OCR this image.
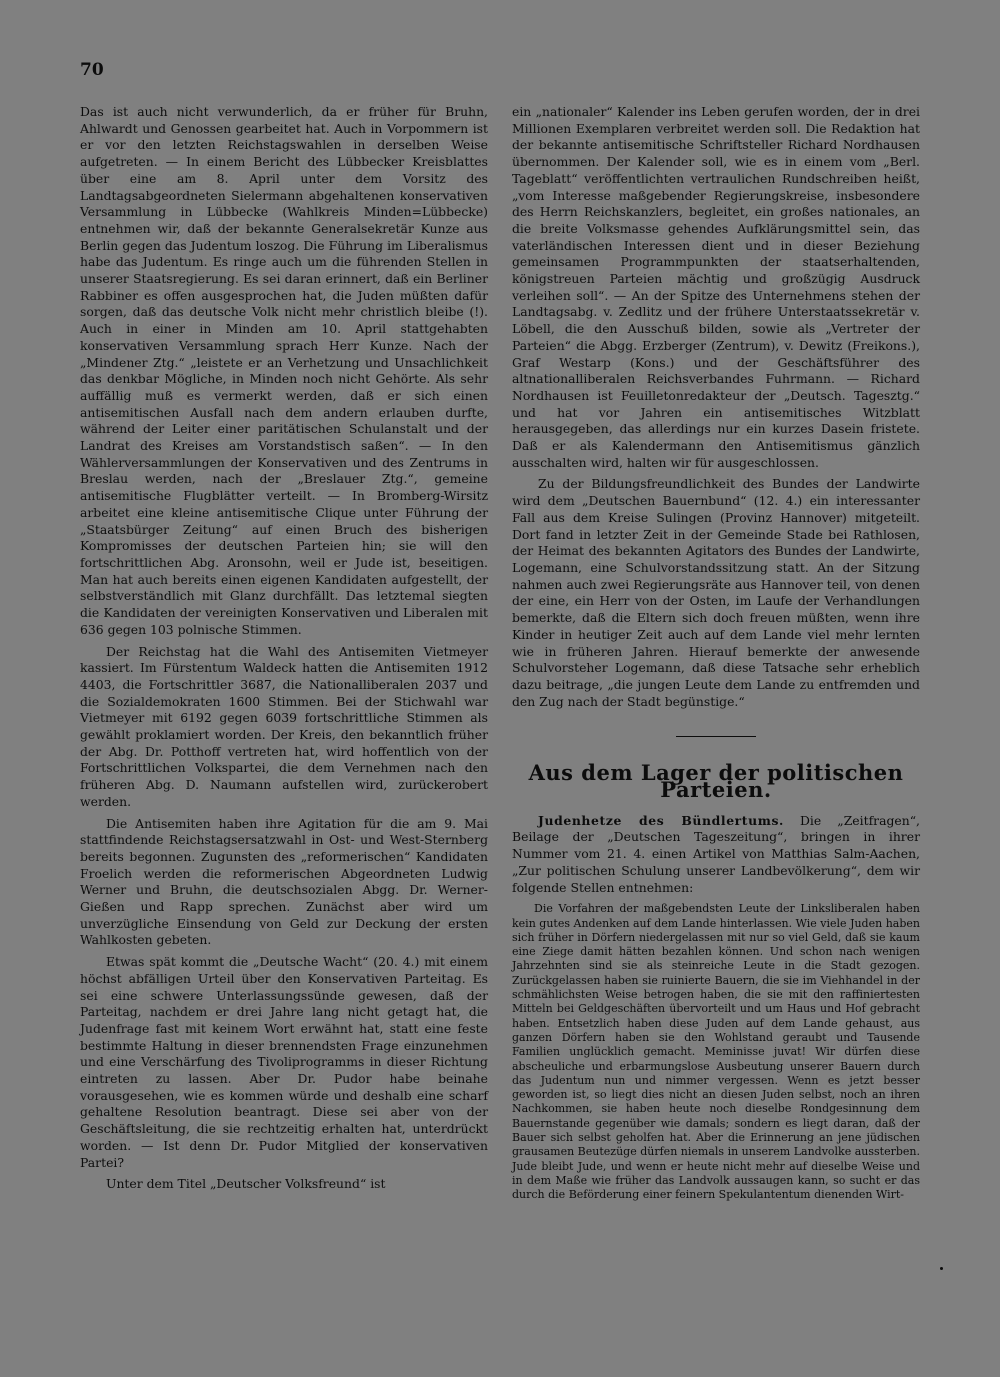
70

Das ist auch nicht verwunderlich, da er früher für Bruhn, Ahlwardt und Genossen gearbeitet hat. Auch in Vorpommern ist er vor den letzten Reichstagswahlen in derselben Weise aufgetreten. — In einem Bericht des Lübbecker Kreisblattes über eine am 8. April unter dem Vorsitz des Landtagsabgeordneten Sielermann abgehaltenen konservativen Versammlung in Lübbecke (Wahlkreis Minden=Lübbecke) entnehmen wir, daß der bekannte Generalsekretär Kunze aus Berlin gegen das Judentum loszog. Die Führung im Liberalismus habe das Judentum. Es ringe auch um die führenden Stellen in unserer Staatsregierung. Es sei daran erinnert, daß ein Berliner Rabbiner es offen ausgesprochen hat, die Juden müßten dafür sorgen, daß das deutsche Volk nicht mehr christlich bleibe (!). Auch in einer in Minden am 10. April stattgehabten konservativen Versammlung sprach Herr Kunze. Nach der „Mindener Ztg.“ „leistete er an Verhetzung und Unsachlichkeit das denkbar Mögliche, in Minden noch nicht Gehörte. Als sehr auffällig muß es vermerkt werden, daß er sich einen antisemitischen Ausfall nach dem andern erlauben durfte, während der Leiter einer paritätischen Schulanstalt und der Landrat des Kreises am Vorstandstisch saßen“. — In den Wählerversammlungen der Konservativen und des Zentrums in Breslau werden, nach der „Breslauer Ztg.“, gemeine antisemitische Flugblätter verteilt. — In Bromberg-Wirsitz arbeitet eine kleine antisemitische Clique unter Führung der „Staatsbürger Zeitung“ auf einen Bruch des bisherigen Kompromisses der deutschen Parteien hin; sie will den fortschrittlichen Abg. Aronsohn, weil er Jude ist, beseitigen. Man hat auch bereits einen eigenen Kandidaten aufgestellt, der selbstverständlich mit Glanz durchfällt. Das letztemal siegten die Kandidaten der vereinigten Konservativen und Liberalen mit 636 gegen 103 polnische Stimmen.

Der Reichstag hat die Wahl des Antisemiten Vietmeyer kassiert. Im Fürstentum Waldeck hatten die Antisemiten 1912 4403, die Fortschrittler 3687, die Nationalliberalen 2037 und die Sozialdemokraten 1600 Stimmen. Bei der Stichwahl war Vietmeyer mit 6192 gegen 6039 fortschrittliche Stimmen als gewählt proklamiert worden. Der Kreis, den bekanntlich früher der Abg. Dr. Potthoff vertreten hat, wird hoffentlich von der Fortschrittlichen Volkspartei, die dem Vernehmen nach den früheren Abg. D. Naumann aufstellen wird, zurückerobert werden.

Die Antisemiten haben ihre Agitation für die am 9. Mai stattfindende Reichstagsersatzwahl in Ost- und West-Sternberg bereits begonnen. Zugunsten des „reformerischen“ Kandidaten Froelich werden die reformerischen Abgeordneten Ludwig Werner und Bruhn, die deutschsozialen Abgg. Dr. Werner-Gießen und Rapp sprechen. Zunächst aber wird um unverzügliche Einsendung von Geld zur Deckung der ersten Wahlkosten gebeten.

Etwas spät kommt die „Deutsche Wacht“ (20. 4.) mit einem höchst abfälligen Urteil über den Konservativen Parteitag. Es sei eine schwere Unterlassungssünde gewesen, daß der Parteitag, nachdem er drei Jahre lang nicht getagt hat, die Judenfrage fast mit keinem Wort erwähnt hat, statt eine feste bestimmte Haltung in dieser brennendsten Frage einzunehmen und eine Verschärfung des Tivoliprogramms in dieser Richtung eintreten zu lassen. Aber Dr. Pudor habe beinahe vorausgesehen, wie es kommen würde und deshalb eine scharf gehaltene Resolution beantragt. Diese sei aber von der Geschäftsleitung, die sie rechtzeitig erhalten hat, unterdrückt worden. — Ist denn Dr. Pudor Mitglied der konservativen Partei?

Unter dem Titel „Deutscher Volksfreund“ ist

ein „nationaler“ Kalender ins Leben gerufen worden, der in drei Millionen Exemplaren verbreitet werden soll. Die Redaktion hat der bekannte antisemitische Schriftsteller Richard Nordhausen übernommen. Der Kalender soll, wie es in einem vom „Berl. Tageblatt“ veröffentlichten vertraulichen Rundschreiben heißt, „vom Interesse maßgebender Regierungskreise, insbesondere des Herrn Reichskanzlers, begleitet, ein großes nationales, an die breite Volksmasse gehendes Aufklärungsmittel sein, das vaterländischen Interessen dient und in dieser Beziehung gemeinsamen Programmpunkten der staatserhaltenden, königstreuen Parteien mächtig und großzügig Ausdruck verleihen soll“. — An der Spitze des Unternehmens stehen der Landtagsabg. v. Zedlitz und der frühere Unterstaatssekretär v. Löbell, die den Ausschuß bilden, sowie als „Vertreter der Parteien“ die Abgg. Erzberger (Zentrum), v. Dewitz (Freikons.), Graf Westarp (Kons.) und der Geschäftsführer des altnationalliberalen Reichsverbandes Fuhrmann. — Richard Nordhausen ist Feuilletonredakteur der „Deutsch. Tagesztg.“ und hat vor Jahren ein antisemitisches Witzblatt herausgegeben, das allerdings nur ein kurzes Dasein fristete. Daß er als Kalendermann den Antisemitismus gänzlich ausschalten wird, halten wir für ausgeschlossen.

Zu der Bildungsfreundlichkeit des Bundes der Landwirte wird dem „Deutschen Bauernbund“ (12. 4.) ein interessanter Fall aus dem Kreise Sulingen (Provinz Hannover) mitgeteilt. Dort fand in letzter Zeit in der Gemeinde Stade bei Rathlosen, der Heimat des bekannten Agitators des Bundes der Landwirte, Logemann, eine Schulvorstandssitzung statt. An der Sitzung nahmen auch zwei Regierungsräte aus Hannover teil, von denen der eine, ein Herr von der Osten, im Laufe der Verhandlungen bemerkte, daß die Eltern sich doch freuen müßten, wenn ihre Kinder in heutiger Zeit auch auf dem Lande viel mehr lernten wie in früheren Jahren. Hierauf bemerkte der anwesende Schulvorsteher Logemann, daß diese Tatsache sehr erheblich dazu beitrage, „die jungen Leute dem Lande zu entfremden und den Zug nach der Stadt begünstige.“

Aus dem Lager der politischen Parteien.

Judenhetze des Bündlertums. Die „Zeitfragen“, Beilage der „Deutschen Tageszeitung“, bringen in ihrer Nummer vom 21. 4. einen Artikel von Matthias Salm-Aachen, „Zur politischen Schulung unserer Landbevölkerung“, dem wir folgende Stellen entnehmen:

Die Vorfahren der maßgebendsten Leute der Linksliberalen haben kein gutes Andenken auf dem Lande hinterlassen. Wie viele Juden haben sich früher in Dörfern niedergelassen mit nur so viel Geld, daß sie kaum eine Ziege damit hätten bezahlen können. Und schon nach wenigen Jahrzehnten sind sie als steinreiche Leute in die Stadt gezogen. Zurückgelassen haben sie ruinierte Bauern, die sie im Viehhandel in der schmählichsten Weise betrogen haben, die sie mit den raffiniertesten Mitteln bei Geldgeschäften übervorteilt und um Haus und Hof gebracht haben. Entsetzlich haben diese Juden auf dem Lande gehaust, aus ganzen Dörfern haben sie den Wohlstand geraubt und Tausende Familien unglücklich gemacht. Meminisse juvat! Wir dürfen diese abscheuliche und erbarmungslose Ausbeutung unserer Bauern durch das Judentum nun und nimmer vergessen. Wenn es jetzt besser geworden ist, so liegt dies nicht an diesen Juden selbst, noch an ihren Nachkommen, sie haben heute noch dieselbe Rondgesinnung dem Bauernstande gegenüber wie damals; sondern es liegt daran, daß der Bauer sich selbst geholfen hat. Aber die Erinnerung an jene jüdischen grausamen Beutezüge dürfen niemals in unserem Landvolke aussterben. Jude bleibt Jude, und wenn er heute nicht mehr auf dieselbe Weise und in dem Maße wie früher das Landvolk aussaugen kann, so sucht er das durch die Beförderung einer feinern Spekulantentum dienenden Wirt-
